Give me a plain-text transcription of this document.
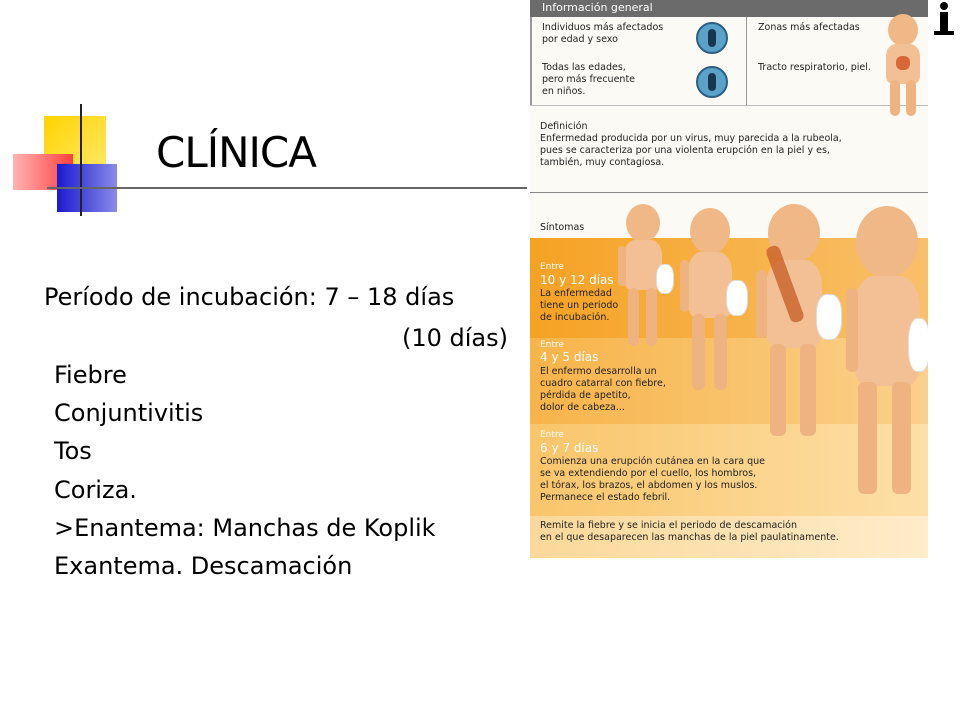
CLÍNICA
Período de incubación: 7 – 18 días
(10 días)
Fiebre
Conjuntivitis
Tos
Coriza.
>Enantema: Manchas de Koplik
Exantema. Descamación
Información general
Individuos más afectados
por edad y sexo
Todas las edades,
pero más frecuente
en niños.
Zonas más afectadas
Tracto respiratorio, piel.
Definición
Enfermedad producida por un virus, muy parecida a la rubeola,
pues se caracteriza por una violenta erupción en la piel y es,
también, muy contagiosa.
Síntomas
Entre
10 y 12 días
La enfermedad
tiene un periodo
de incubación.
Entre
4 y 5 días
El enfermo desarrolla un
cuadro catarral con fiebre,
pérdida de apetito,
dolor de cabeza...
Entre
6 y 7 días
Comienza una erupción cutánea en la cara que
se va extendiendo por el cuello, los hombros,
el tórax, los brazos, el abdomen y los muslos.
Permanece el estado febril.
Remite la fiebre y se inicia el periodo de descamación
en el que desaparecen las manchas de la piel paulatinamente.
